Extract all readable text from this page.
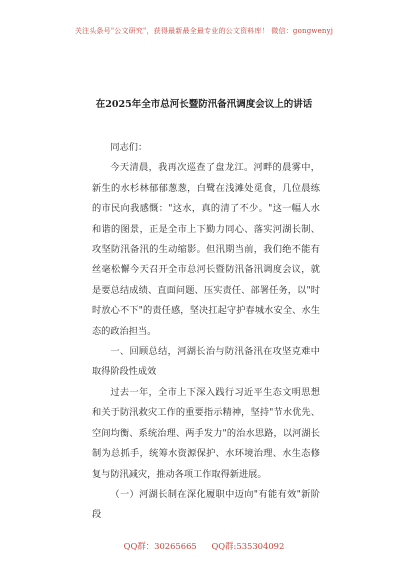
关注头条号"公文研究"，获得最新最全最专业的公文资料库！ 微信：gongwenyj
在2025年全市总河长暨防汛备汛调度会议上的讲话

同志们：

今天清晨，我再次巡查了盘龙江。河畔的晨雾中，新生的水杉林郁郁葱葱，白鹭在浅滩处觅食，几位晨练的市民向我感慨："这水，真的清了不少。"这一幅人水和谐的图景，正是全市上下勤力同心、落实河湖长制、攻坚防汛备汛的生动缩影。但汛期当前，我们绝不能有丝毫松懈今天召开全市总河长暨防汛备汛调度会议，就是要总结成绩、直面问题、压实责任、部署任务，以"时时放心不下"的责任感，坚决扛起守护春城水安全、水生态的政治担当。

一、回顾总结，河湖长治与防汛备汛在攻坚克难中取得阶段性成效

过去一年，全市上下深入践行习近平生态文明思想和关于防汛救灾工作的重要指示精神，坚持"节水优先、空间均衡、系统治理、两手发力"的治水思路，以河湖长制为总抓手，统筹水资源保护、水环境治理、水生态修复与防汛减灾，推动各项工作取得新进展。

（一）河湖长制在深化履职中迈向"有能有效"新阶段

QQ群：30265665 QQ群:535304092
